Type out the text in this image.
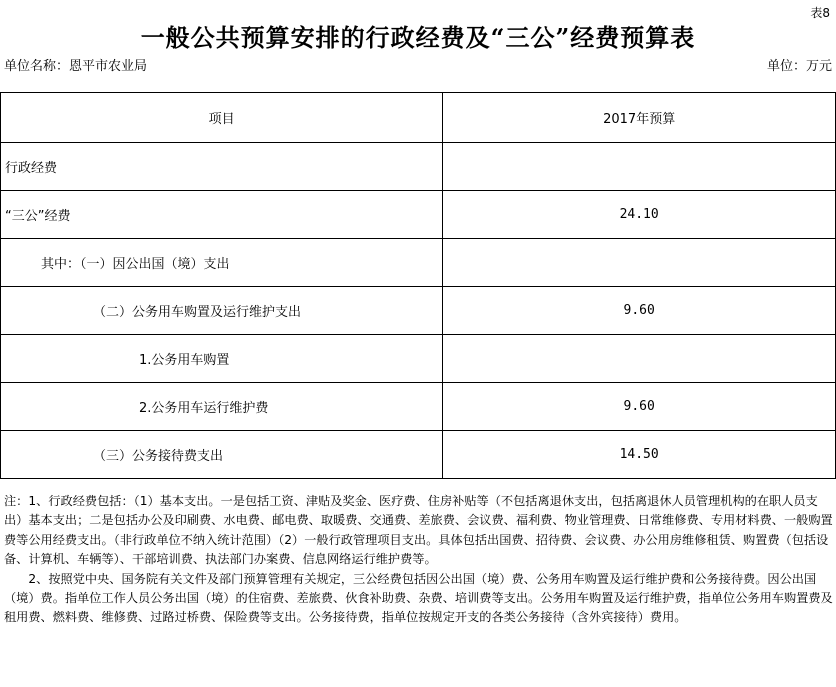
表8
一般公共预算安排的行政经费及“三公”经费预算表
单位名称：恩平市农业局	单位：万元
项目	2017年预算
行政经费	
“三公”经费	24.10
其中：（一）因公出国（境）支出	
（二）公务用车购置及运行维护支出	9.60
1.公务用车购置	
2.公务用车运行维护费	9.60
（三）公务接待费支出	14.50

注：1、行政经费包括：（1）基本支出。一是包括工资、津贴及奖金、医疗费、住房补贴等（不包括离退休支出，包括离退休人员管理机构的在职人员支出）基本支出；二是包括办公及印刷费、水电费、邮电费、取暖费、交通费、差旅费、会议费、福利费、物业管理费、日常维修费、专用材料费、一般购置费等公用经费支出。（非行政单位不纳入统计范围）（2）一般行政管理项目支出。具体包括出国费、招待费、会议费、办公用房维修租赁、购置费（包括设备、计算机、车辆等）、干部培训费、执法部门办案费、信息网络运行维护费等。

2、按照党中央、国务院有关文件及部门预算管理有关规定，三公经费包括因公出国（境）费、公务用车购置及运行维护费和公务接待费。因公出国（境）费。指单位工作人员公务出国（境）的住宿费、差旅费、伙食补助费、杂费、培训费等支出。公务用车购置及运行维护费，指单位公务用车购置费及租用费、燃料费、维修费、过路过桥费、保险费等支出。公务接待费，指单位按规定开支的各类公务接待（含外宾接待）费用。
